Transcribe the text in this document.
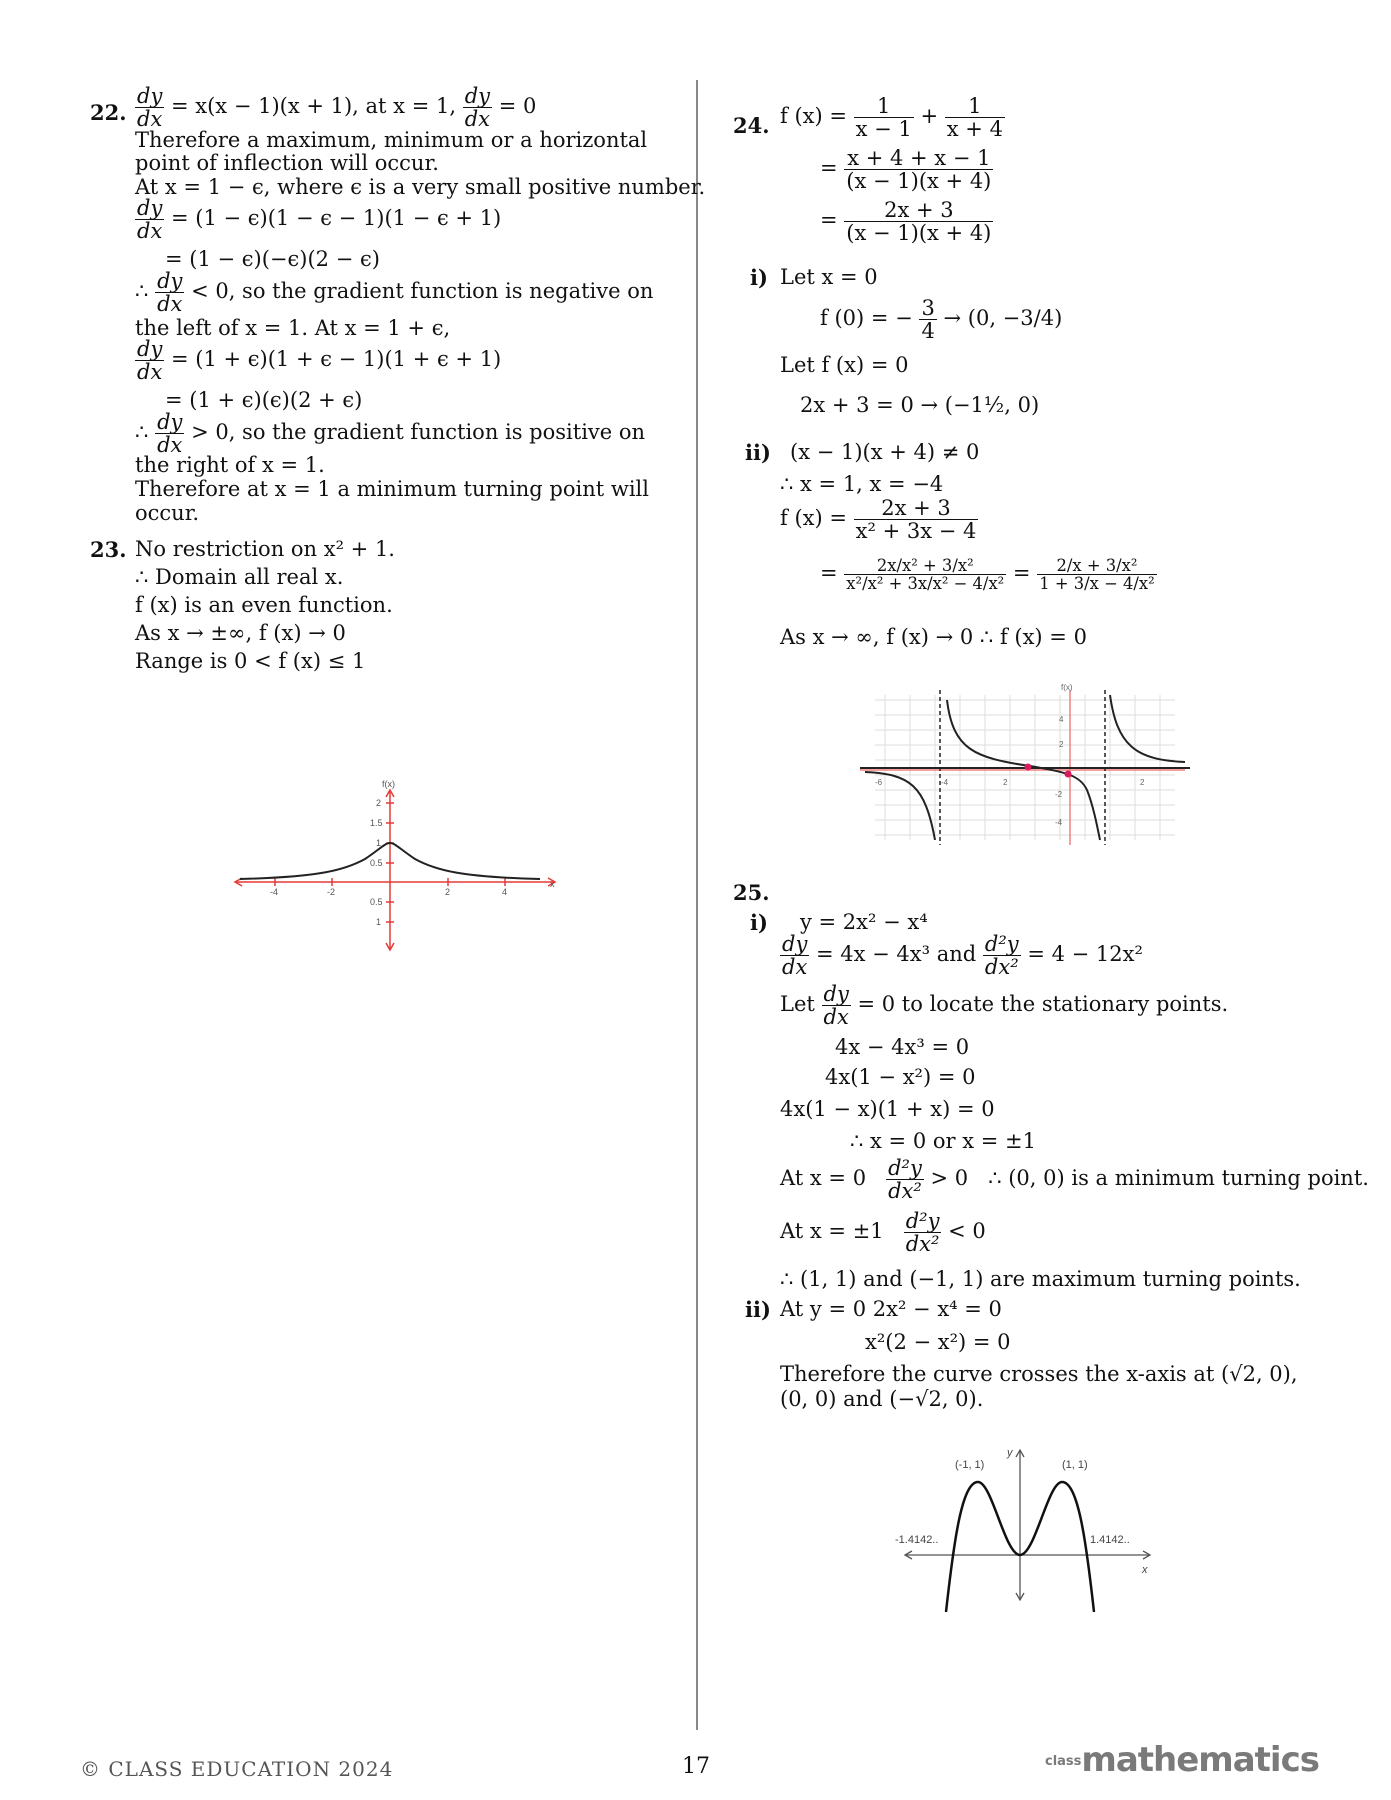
22. $\frac{dy}{dx} = x(x - 1)(x + 1)$, at x = 1, $\frac{dy}{dx} = 0$
Therefore a maximum, minimum or a horizontal
point of inflection will occur.
At x = 1 − ϵ, where ϵ is a very small positive number.
$\frac{dy}{dx} = (1 - \epsilon)(1 - \epsilon - 1)(1 - \epsilon + 1)$
= (1 − ϵ)(−ϵ)(2 − ϵ)
∴ $\frac{dy}{dx} < 0$, so the gradient function is negative on
the left of x = 1. At x = 1 + ϵ,
$\frac{dy}{dx} = (1 + \epsilon)(1 + \epsilon - 1)(1 + \epsilon + 1)$
= (1 + ϵ)(ϵ)(2 + ϵ)
∴ $\frac{dy}{dx} > 0$, so the gradient function is positive on
the right of x = 1.
Therefore at x = 1 a minimum turning point will
occur.
23. No restriction on x² + 1.
∴ Domain all real x.
f (x) is an even function.
As x → ±∞, f (x) → 0
Range is 0 < f (x) ≤ 1
f(x)
x
2
1.5
1
0.5
0.5
1
-4	-2	2	4
24. f $(x) = \frac{1}{x - 1} + \frac{1}{x + 4}$
= $\frac{x + 4 + x - 1}{(x - 1)(x + 4)}$
= $\frac{2x + 3}{(x - 1)(x + 4)}$
i) Let x = 0
f (0) = − $\frac{3}{4} \to (0$, −3/4)
Let f (x) = 0
2x + 3 = 0 → (−1½, 0)
ii) (x − 1)(x + 4) ≠ 0
∴ x = 1, x = −4
f $(x) = \frac{2x + 3}{\text{x² + 3x − 4}}$
= $\frac{\text{2x/x² + 3/x²}}{\text{x²/x² + 3x/x² − 4/x²}} = \frac{\text{2/x + 3/x²}}{\text{1 + 3/x − 4/x²}}$
As x → ∞, f (x) → 0 ∴ f (x) = 0
25.
i) y = 2x² − x⁴
$\frac{dy}{dx} = 4x - 4x^3$ and $\frac{\text{d²y}}{\text{dx²}} = 4 - 12x^2$
Let $\frac{dy}{dx} = 0$ to locate the stationary points.
4x − 4x³ = 0
4x(1 − x²) = 0
4x(1 − x)(1 + x) = 0
∴ x = 0 or x = ±1
At $x = 0 \frac{\text{d²y}}{\text{dx²}} > 0$ ∴ (0, 0) is a minimum turning point.
At $x = \pm 1 \frac{\text{d²y}}{\text{dx²}} < 0$
∴ (1, 1) and (−1, 1) are maximum turning points.
ii) At y = 0 2x² − x⁴ = 0
x²(2 − x²) = 0
Therefore the curve crosses the x-axis at (√2, 0),
(0, 0) and (−√2, 0).
f(x)
-6	-4	2	2
4
2
-2
-4
(-1, 1)	(1, 1)
-1.4142..	1.4142..
y
x
© CLASS EDUCATION 2024	17	$^{class}$mathematics
